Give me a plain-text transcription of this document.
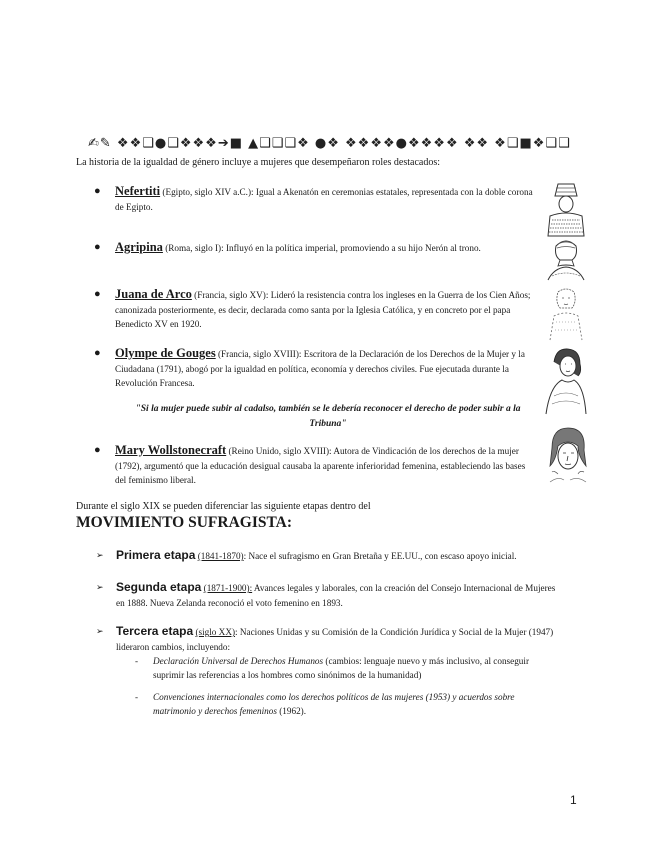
✍✎ ❖❖❑●❑❖❖❖➔■ ▲❑❑❑❖ ●❖ ❖❖❖❖●❖❖❖❖ ❖❖ ❖❑■❖❑❑
La historia de la igualdad de género incluye a mujeres que desempeñaron roles destacados:
● Nefertiti (Egipto, siglo XIV a.C.): Igual a Akenatón en ceremonias estatales, representada con la doble corona de Egipto.
● Agripina (Roma, siglo I): Influyó en la política imperial, promoviendo a su hijo Nerón al trono.
● Juana de Arco (Francia, siglo XV): Lideró la resistencia contra los ingleses en la Guerra de los Cien Años; canonizada posteriormente, es decir, declarada como santa por la Iglesia Católica, y en concreto por el papa Benedicto XV en 1920.
● Olympe de Gouges (Francia, siglo XVIII): Escritora de la Declaración de los Derechos de la Mujer y la Ciudadana (1791), abogó por la igualdad en política, economía y derechos civiles. Fue ejecutada durante la Revolución Francesa.
"Si la mujer puede subir al cadalso, también se le debería reconocer el derecho de poder subir a la Tribuna"
● Mary Wollstonecraft (Reino Unido, siglo XVIII): Autora de Vindicación de los derechos de la mujer (1792), argumentó que la educación desigual causaba la aparente inferioridad femenina, estableciendo las bases del feminismo liberal.
Durante el siglo XIX se pueden diferenciar las siguiente etapas dentro del
MOVIMIENTO SUFRAGISTA:
➢ Primera etapa (1841-1870): Nace el sufragismo en Gran Bretaña y EE.UU., con escaso apoyo inicial.
➢ Segunda etapa (1871-1900): Avances legales y laborales, con la creación del Consejo Internacional de Mujeres en 1888. Nueva Zelanda reconoció el voto femenino en 1893.
➢ Tercera etapa (siglo XX): Naciones Unidas y su Comisión de la Condición Jurídica y Social de la Mujer (1947) lideraron cambios, incluyendo:
- Declaración Universal de Derechos Humanos (cambios: lenguaje nuevo y más inclusivo, al conseguir suprimir las referencias a los hombres como sinónimos de la humanidad)
- Convenciones internacionales como los derechos políticos de las mujeres (1953) y acuerdos sobre matrimonio y derechos femeninos (1962).
1
